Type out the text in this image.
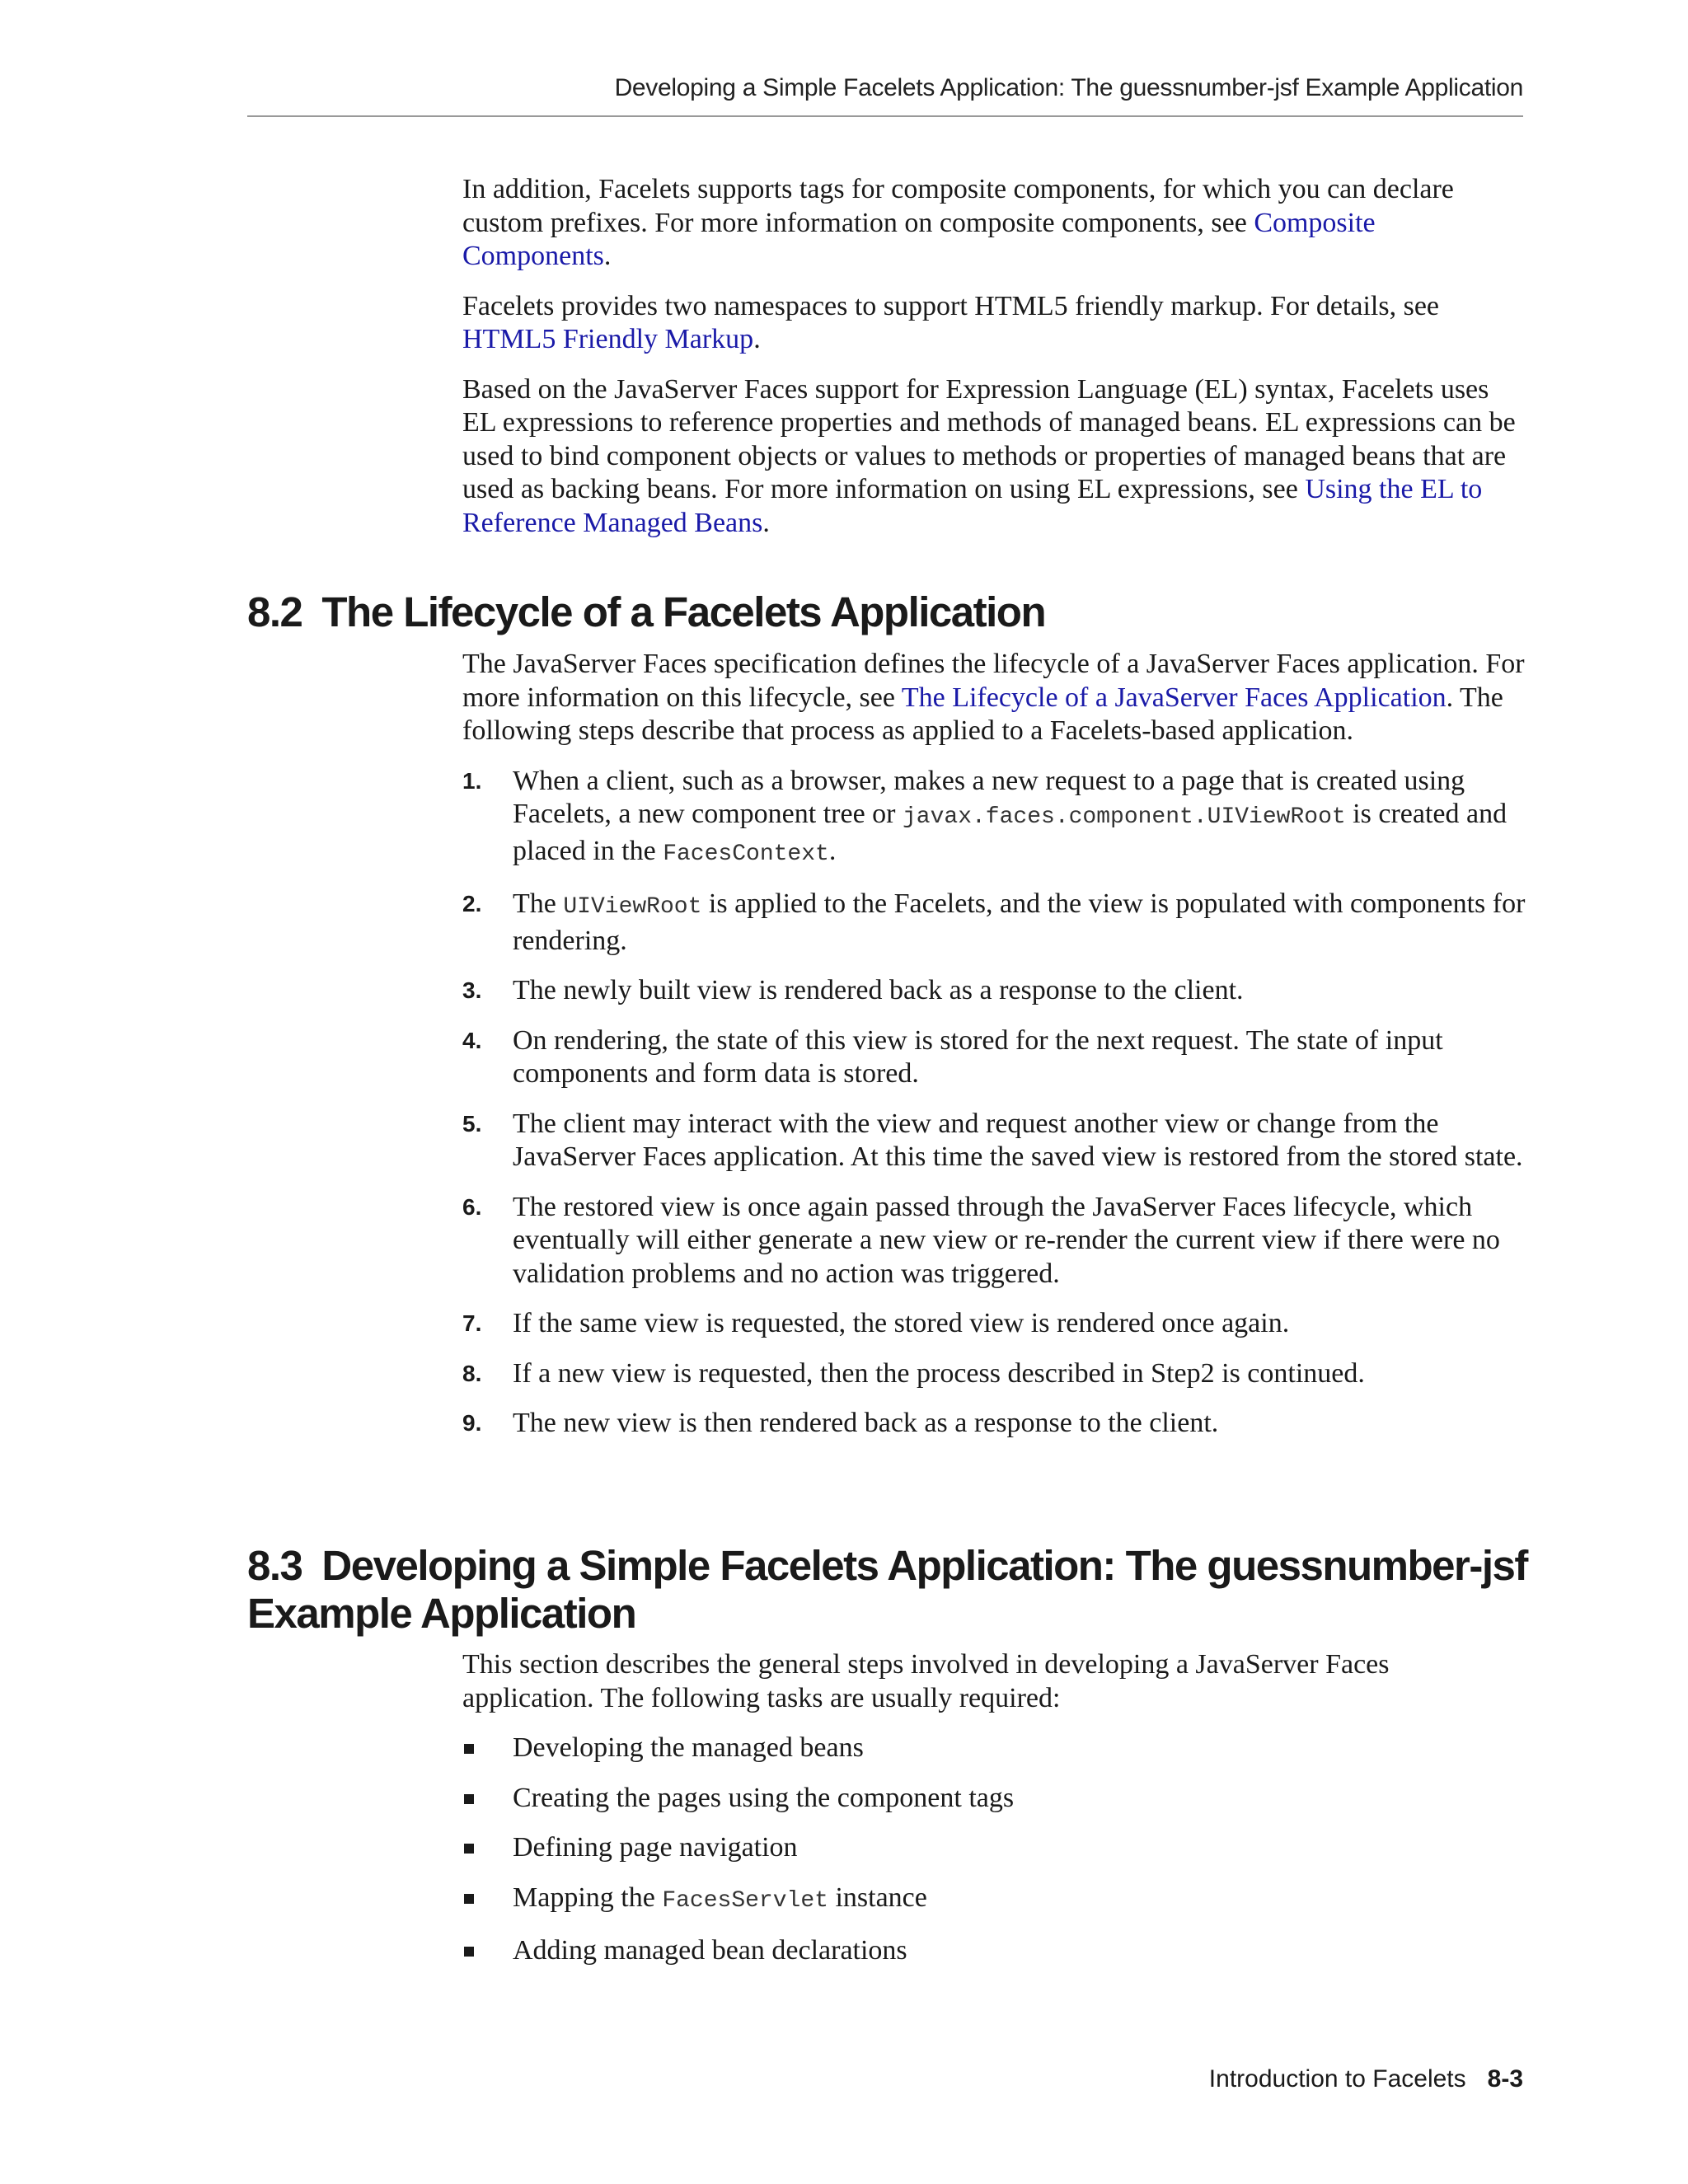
Developing a Simple Facelets Application: The guessnumber-jsf Example Application

In addition, Facelets supports tags for composite components, for which you can declare custom prefixes. For more information on composite components, see Composite Components.

Facelets provides two namespaces to support HTML5 friendly markup. For details, see HTML5 Friendly Markup.

Based on the JavaServer Faces support for Expression Language (EL) syntax, Facelets uses EL expressions to reference properties and methods of managed beans. EL expressions can be used to bind component objects or values to methods or properties of managed beans that are used as backing beans. For more information on using EL expressions, see Using the EL to Reference Managed Beans.

8.2 The Lifecycle of a Facelets Application

The JavaServer Faces specification defines the lifecycle of a JavaServer Faces application. For more information on this lifecycle, see The Lifecycle of a JavaServer Faces Application. The following steps describe that process as applied to a Facelets-based application.

1. When a client, such as a browser, makes a new request to a page that is created using Facelets, a new component tree or javax.faces.component.UIViewRoot is created and placed in the FacesContext.
2. The UIViewRoot is applied to the Facelets, and the view is populated with components for rendering.
3. The newly built view is rendered back as a response to the client.
4. On rendering, the state of this view is stored for the next request. The state of input components and form data is stored.
5. The client may interact with the view and request another view or change from the JavaServer Faces application. At this time the saved view is restored from the stored state.
6. The restored view is once again passed through the JavaServer Faces lifecycle, which eventually will either generate a new view or re-render the current view if there were no validation problems and no action was triggered.
7. If the same view is requested, the stored view is rendered once again.
8. If a new view is requested, then the process described in Step2 is continued.
9. The new view is then rendered back as a response to the client.
8.3 Developing a Simple Facelets Application: The guessnumber-jsf Example Application

This section describes the general steps involved in developing a JavaServer Faces application. The following tasks are usually required:

Developing the managed beans
Creating the pages using the component tags
Defining page navigation
Mapping the FacesServlet instance
Adding managed bean declarations
Introduction to Facelets 8-3
